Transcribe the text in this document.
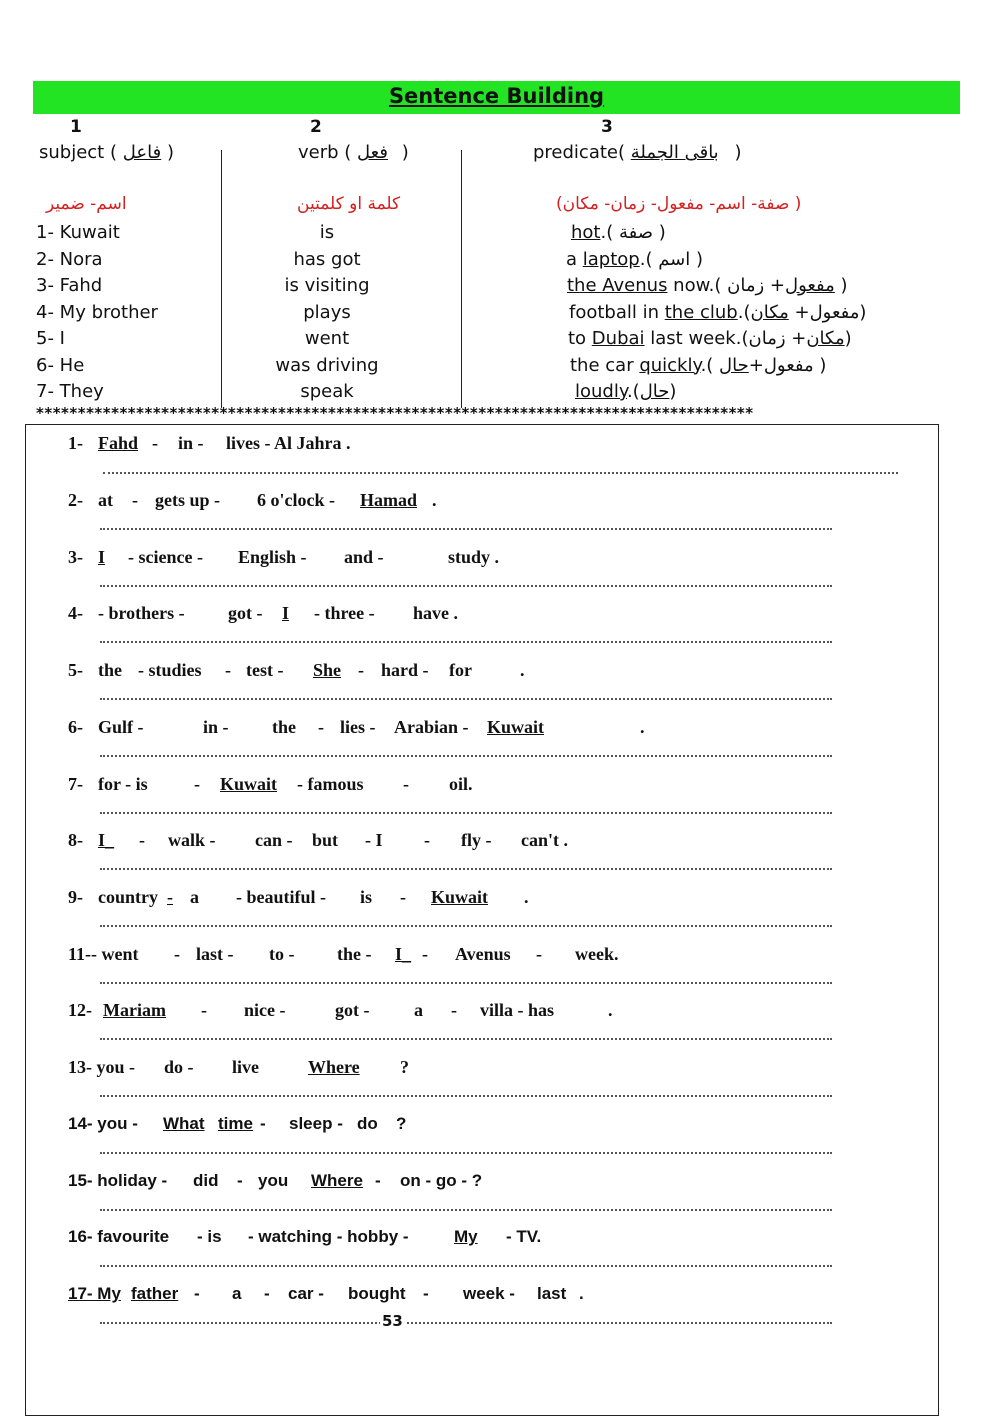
Sentence Building
1	2	3
subject ( فاعل )	verb ( فعل )	predicate( باقى الجملة )
اسم- ضمير	كلمة او كلمتين	(صفة- اسم- مفعول- زمان- مكان )
1- Kuwait	is	hot.( صفة )
2- Nora	has got	a laptop.( اسم )
3- Fahd	is visiting	the Avenus now.(	مفعول+ زمان )
4- My brother	plays	football in the club.(	مفعول+ مكان	)
5- I	went	to Dubai last week.(	مكان+ زمان)
6- He	was driving	the car quickly.( مفعول+حال	)
7- They	speak	loudly.(حال)
**************************************************************************************
1- Fahd - in - lives - Al Jahra .
2- at - gets up - 6 o'clock - Hamad .
3- I - science - English - and -	study .
4- - brothers - got - I - three - have .
5- the - studies - test - She - hard - for	.
6- Gulf -	in - the - lies - Arabian - Kuwait	.
7- for - is	- Kuwait - famous - oil.
8- I_ - walk - can - but - I - fly - can't .
9- country - a - beautiful - is - Kuwait .
11-- went - last - to - the - I_ - Avenus - week.
12- Mariam - nice -	got - a - villa - has	.
13- you - do - live	Where ?
14- you - What time - sleep - do ?
15- holiday - did - you Where - on - go - ?
16- favourite - is - watching - hobby -	My - TV.
17- My father - a - car - bought - week - last .
53
